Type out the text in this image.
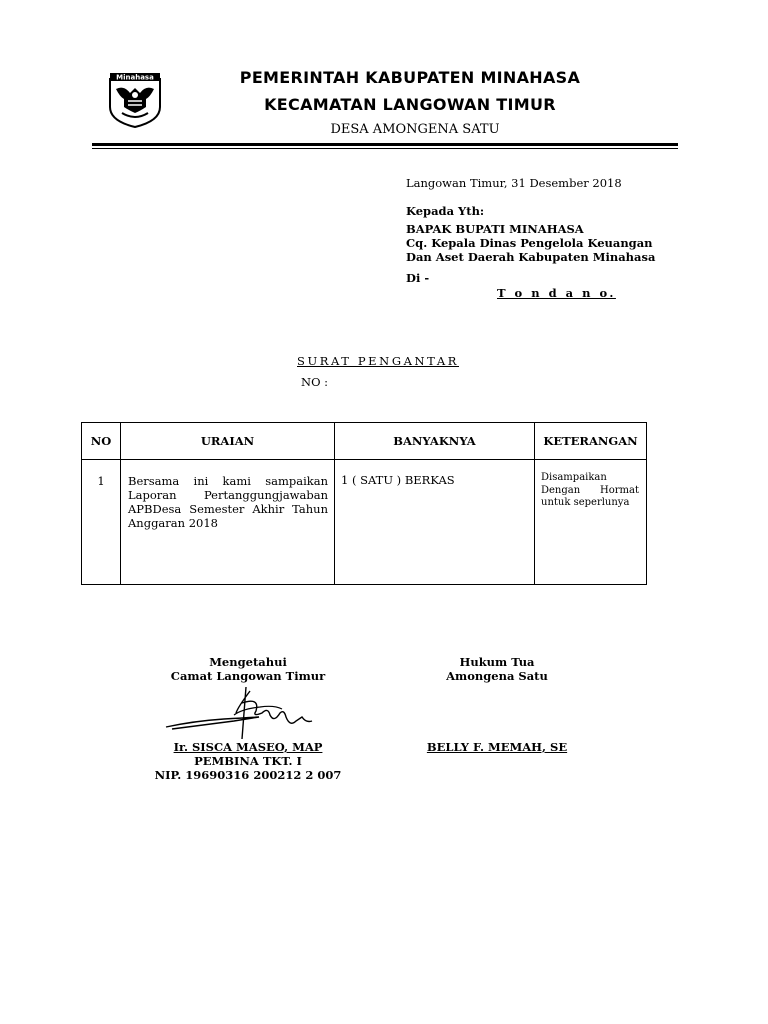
Minahasa	PEMERINTAH KABUPATEN MINAHASA
KECAMATAN LANGOWAN TIMUR
DESA AMONGENA SATU
Langowan Timur, 31 Desember 2018
Kepada Yth:
BAPAK BUPATI MINAHASA
Cq. Kepala Dinas Pengelola Keuangan
Dan Aset Daerah Kabupaten Minahasa
Di -
T o n d a n o.
SURAT PENGANTAR
NO :
NO	URAIAN	BANYAKNYA	KETERANGAN
1	Bersama ini kami sampaikan Laporan Pertanggungjawaban APBDesa Semester Akhir Tahun Anggaran 2018	1 ( SATU ) BERKAS	Disampaikan Dengan Hormat untuk seperlunya
Mengetahui
Camat Langowan Timur
Hukum Tua
Amongena Satu
Ir. SISCA MASEO, MAP
PEMBINA TKT. I
NIP. 19690316 200212 2 007
BELLY F. MEMAH, SE
